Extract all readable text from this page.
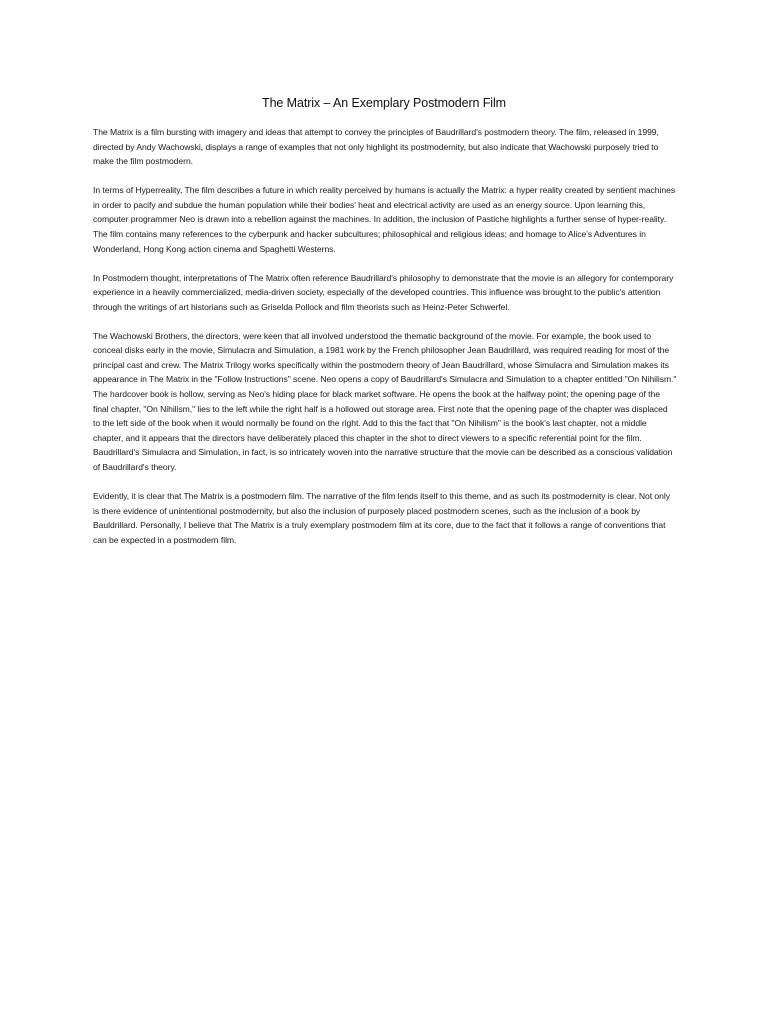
The Matrix – An Exemplary Postmodern Film

The Matrix is a film bursting with imagery and ideas that attempt to convey the principles of Baudrillard's postmodern theory. The film, released in 1999, directed by Andy Wachowski, displays a range of examples that not only highlight its postmodernity, but also indicate that Wachowski purposely tried to make the film postmodern.

In terms of Hyperreality, The film describes a future in which reality perceived by humans is actually the Matrix: a hyper reality created by sentient machines in order to pacify and subdue the human population while their bodies' heat and electrical activity are used as an energy source. Upon learning this, computer programmer Neo is drawn into a rebellion against the machines. In addition, the inclusion of Pastiche highlights a further sense of hyper-reality. The film contains many references to the cyberpunk and hacker subcultures; philosophical and religious ideas; and homage to Alice's Adventures in Wonderland, Hong Kong action cinema and Spaghetti Westerns.

In Postmodern thought, interpretations of The Matrix often reference Baudrillard's philosophy to demonstrate that the movie is an allegory for contemporary experience in a heavily commercialized, media-driven society, especially of the developed countries. This influence was brought to the public's attention through the writings of art historians such as Griselda Pollock and film theorists such as Heinz-Peter Schwerfel.

The Wachowski Brothers, the directors, were keen that all involved understood the thematic background of the movie. For example, the book used to conceal disks early in the movie, Simulacra and Simulation, a 1981 work by the French philosopher Jean Baudrillard, was required reading for most of the principal cast and crew. The Matrix Trilogy works specifically within the postmodern theory of Jean Baudrillard, whose Simulacra and Simulation makes its appearance in The Matrix in the "Follow Instructions" scene. Neo opens a copy of Baudrillard's Simulacra and Simulation to a chapter entitled "On Nihilism." The hardcover book is hollow, serving as Neo's hiding place for black market software. He opens the book at the halfway point; the opening page of the final chapter, "On Nihilism," lies to the left while the right half is a hollowed out storage area. First note that the opening page of the chapter was displaced to the left side of the book when it would normally be found on the right. Add to this the fact that "On Nihilism" is the book's last chapter, not a middle chapter, and it appears that the directors have deliberately placed this chapter in the shot to direct viewers to a specific referential point for the film. Baudrillard's Simulacra and Simulation, in fact, is so intricately woven into the narrative structure that the movie can be described as a conscious validation of Baudrillard's theory.

Evidently, it is clear that The Matrix is a postmodern film. The narrative of the film lends itself to this theme, and as such its postmodernity is clear. Not only is there evidence of unintentional postmodernity, but also the inclusion of purposely placed postmodern scenes, such as the inclusion of a book by Bauldrillard. Personally, I believe that The Matrix is a truly exemplary postmodern film at its core, due to the fact that it follows a range of conventions that can be expected in a postmodern film.
